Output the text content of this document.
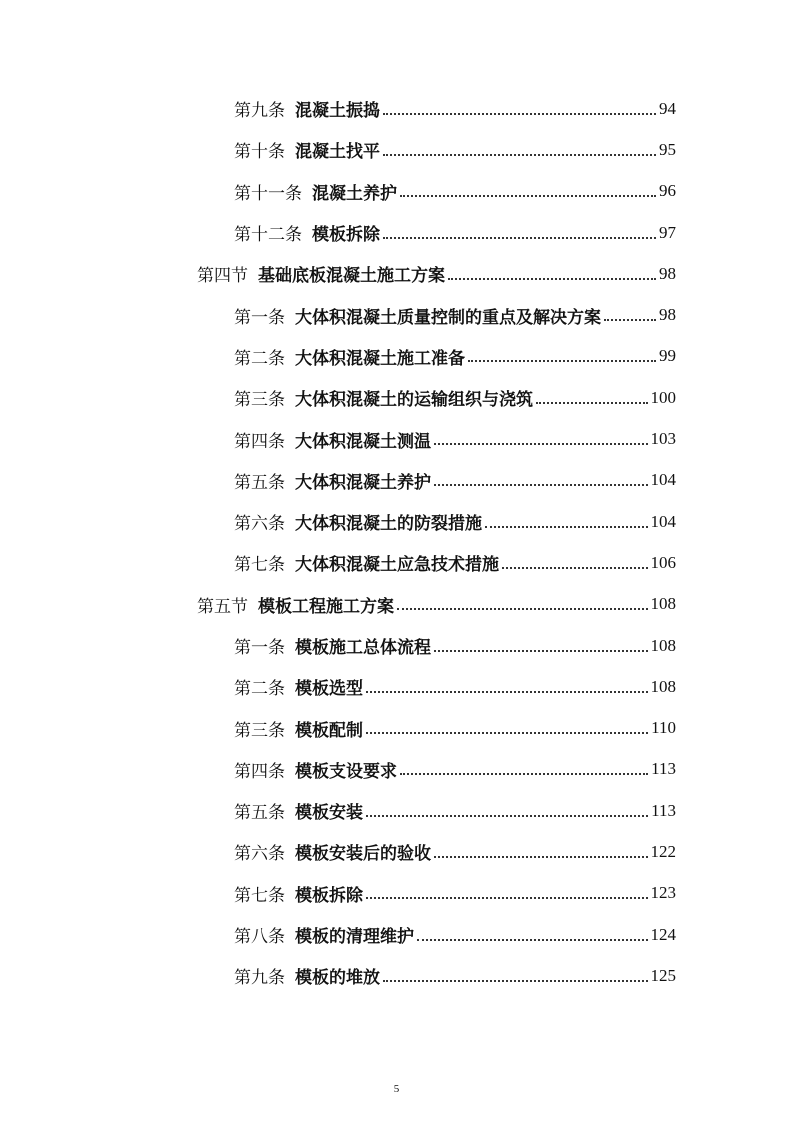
第九条 混凝土振捣	94
第十条 混凝土找平	95
第十一条 混凝土养护	96
第十二条 模板拆除	97
第四节 基础底板混凝土施工方案	98
第一条 大体积混凝土质量控制的重点及解决方案	98
第二条 大体积混凝土施工准备	99
第三条 大体积混凝土的运输组织与浇筑	100
第四条 大体积混凝土测温	103
第五条 大体积混凝土养护	104
第六条 大体积混凝土的防裂措施	104
第七条 大体积混凝土应急技术措施	106
第五节 模板工程施工方案	108
第一条 模板施工总体流程	108
第二条 模板选型	108
第三条 模板配制	110
第四条 模板支设要求	113
第五条 模板安装	113
第六条 模板安装后的验收	122
第七条 模板拆除	123
第八条 模板的清理维护	124
第九条 模板的堆放	125
5
